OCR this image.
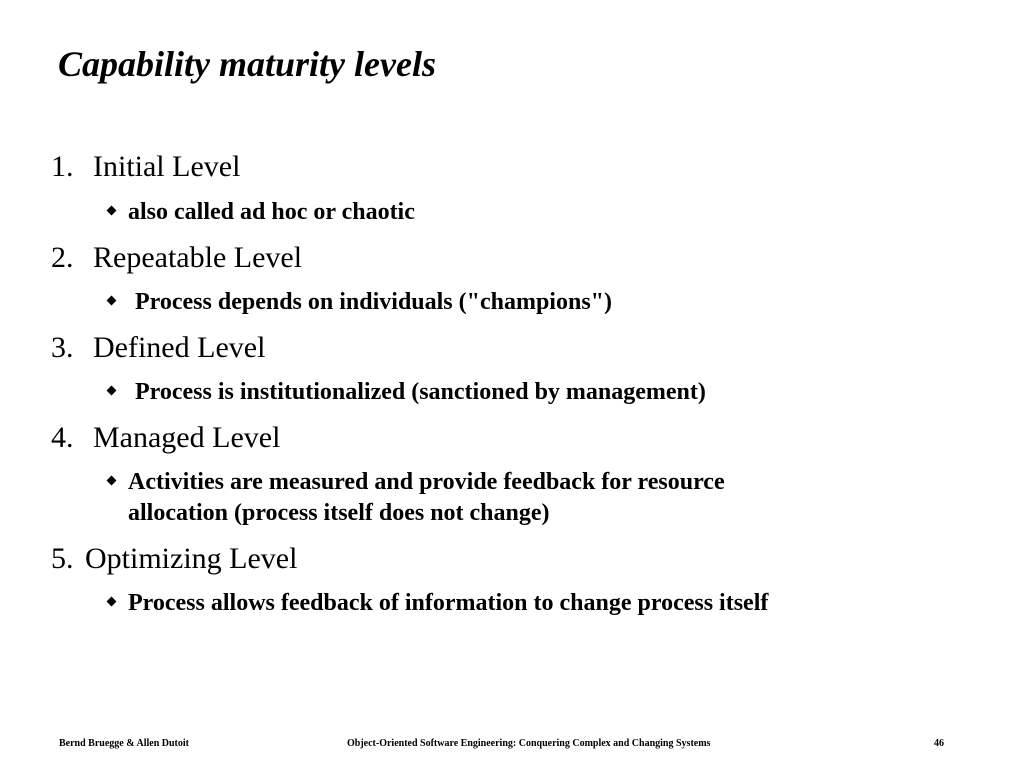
Capability maturity levels
1. Initial Level
also called ad hoc or chaotic
2. Repeatable Level
Process depends on individuals ("champions")
3. Defined Level
Process is institutionalized (sanctioned by management)
4. Managed Level
Activities are measured and provide feedback for resource
allocation (process itself does not change)
5. Optimizing Level
Process allows feedback of information to change process itself
Bernd Bruegge & Allen Dutoit	Object-Oriented Software Engineering: Conquering Complex and Changing Systems	46
